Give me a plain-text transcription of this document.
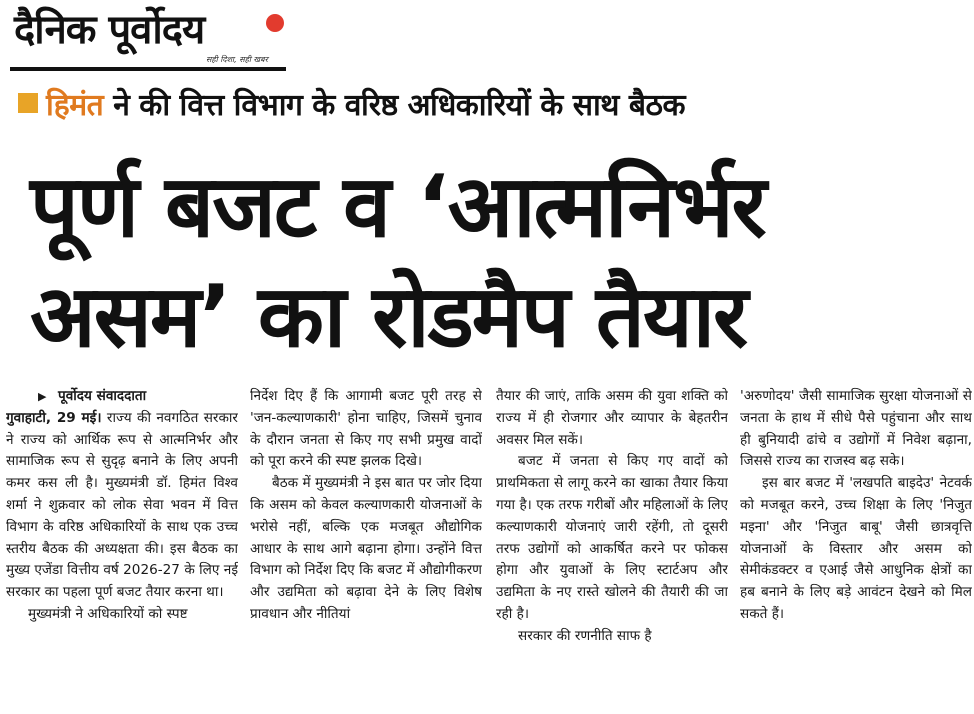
दैनिक पूर्वोदय
सही दिशा, सही खबर
हिमंत ने की वित्त विभाग के वरिष्ठ अधिकारियों के साथ बैठक
पूर्ण बजट व ‘आत्मनिर्भर
असम’ का रोडमैप तैयार

▶ पूर्वोदय संवाददाता

गुवाहाटी, 29 मई। राज्य की नवगठित सरकार ने राज्य को आर्थिक रूप से आत्मनिर्भर और सामाजिक रूप से सुदृढ़ बनाने के लिए अपनी कमर कस ली है। मुख्यमंत्री डॉ. हिमंत विश्व शर्मा ने शुक्रवार को लोक सेवा भवन में वित्त विभाग के वरिष्ठ अधिकारियों के साथ एक उच्च स्तरीय बैठक की अध्यक्षता की। इस बैठक का मुख्य एजेंडा वित्तीय वर्ष 2026-27 के लिए नई सरकार का पहला पूर्ण बजट तैयार करना था।

मुख्यमंत्री ने अधिकारियों को स्पष्ट

निर्देश दिए हैं कि आगामी बजट पूरी तरह से 'जन-कल्याणकारी' होना चाहिए, जिसमें चुनाव के दौरान जनता से किए गए सभी प्रमुख वादों को पूरा करने की स्पष्ट झलक दिखे।

बैठक में मुख्यमंत्री ने इस बात पर जोर दिया कि असम को केवल कल्याणकारी योजनाओं के भरोसे नहीं, बल्कि एक मजबूत औद्योगिक आधार के साथ आगे बढ़ाना होगा। उन्होंने वित्त विभाग को निर्देश दिए कि बजट में औद्योगीकरण और उद्यमिता को बढ़ावा देने के लिए विशेष प्रावधान और नीतियां

तैयार की जाएं, ताकि असम की युवा शक्ति को राज्य में ही रोजगार और व्यापार के बेहतरीन अवसर मिल सकें।

बजट में जनता से किए गए वादों को प्राथमिकता से लागू करने का खाका तैयार किया गया है। एक तरफ गरीबों और महिलाओं के लिए कल्याणकारी योजनाएं जारी रहेंगी, तो दूसरी तरफ उद्योगों को आकर्षित करने पर फोकस होगा और युवाओं के लिए स्टार्टअप और उद्यमिता के नए रास्ते खोलने की तैयारी की जा रही है।

सरकार की रणनीति साफ है

'अरुणोदय' जैसी सामाजिक सुरक्षा योजनाओं से जनता के हाथ में सीधे पैसे पहुंचाना और साथ ही बुनियादी ढांचे व उद्योगों में निवेश बढ़ाना, जिससे राज्य का राजस्व बढ़ सके।

इस बार बजट में 'लखपति बाइदेउ' नेटवर्क को मजबूत करने, उच्च शिक्षा के लिए 'निजुत मइना' और 'निजुत बाबू' जैसी छात्रवृत्ति योजनाओं के विस्तार और असम को सेमीकंडक्टर व एआई जैसे आधुनिक क्षेत्रों का हब बनाने के लिए बड़े आवंटन देखने को मिल सकते हैं।
